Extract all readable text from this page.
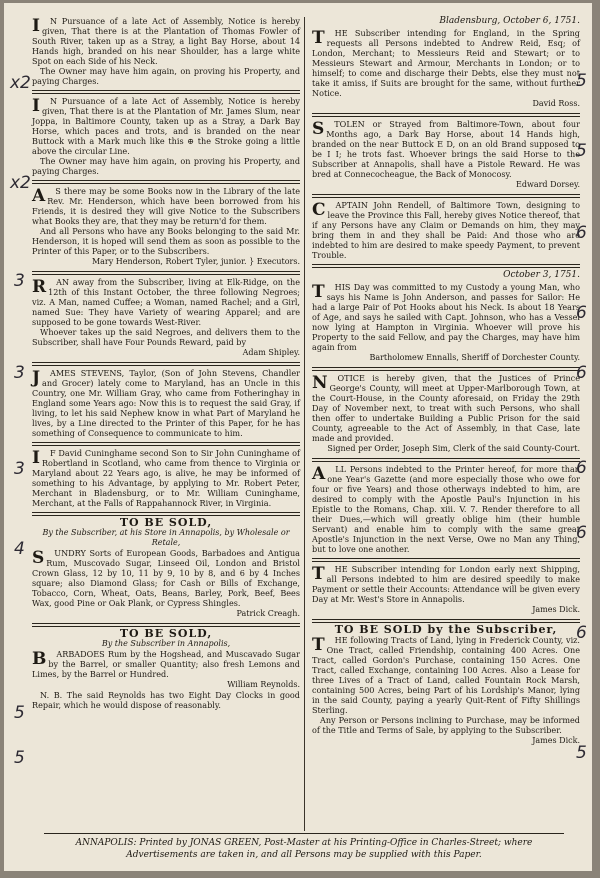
I	N Pursuance of a late Act of Assembly, Notice is hereby given, That there is at the Plantation of Thomas Fowler of South River, taken up as a Stray, a light Bay Horse, about 14 Hands high, branded on his near Shoulder, has a large white Spot on each Side of his Neck.

The Owner may have him again, on proving his Property, and paying Charges.

I	N Pursuance of a late Act of Assembly, Notice is hereby given, That there is at the Plantation of Mr. James Slum, near Joppa, in Baltimore County, taken up as a Stray, a Dark Bay Horse, which paces and trots, and is branded on the near Buttock with a Mark much like this ⊕ the Stroke going a little above the circular Line.

The Owner may have him again, on proving his Property, and paying Charges.

A	S there may be some Books now in the Library of the late Rev. Mr. Henderson, which have been borrowed from his Friends, it is desired they will give Notice to the Subscribers what Books they are, that they may be return'd for them.

And all Persons who have any Books belonging to the said Mr. Henderson, it is hoped will send them as soon as possible to the Printer of this Paper, or to the Subscribers.

Mary Henderson, Robert Tyler, junior. } Executors.
R	AN away from the Subscriber, living at Elk-Ridge, on the 12th of this Instant October, the three following Negroes; viz. A Man, named Cuffee; a Woman, named Rachel; and a Girl, named Sue: They have Variety of wearing Apparel; and are supposed to be gone towards West-River.

Whoever takes up the said Negroes, and delivers them to the Subscriber, shall have Four Pounds Reward, paid by

Adam Shipley.
J	AMES STEVENS, Taylor, (Son of John Stevens, Chandler and Grocer) lately come to Maryland, has an Uncle in this Country, one Mr. William Gray, who came from Fotheringhay in England some Years ago: Now this is to request the said Gray, if living, to let his said Nephew know in what Part of Maryland he lives, by a Line directed to the Printer of this Paper, for he has something of Consequence to communicate to him.

I	F David Cuninghame second Son to Sir John Cuninghame of Robertland in Scotland, who came from thence to Virginia or Maryland about 22 Years ago, is alive, he may be informed of something to his Advantage, by applying to Mr. Robert Peter, Merchant in Bladensburg, or to Mr. William Cuninghame, Merchant, at the Falls of Rappahannock River, in Virginia.

TO BE SOLD,
By the Subscriber, at his Store in Annapolis, by Wholesale or Retale,
S	UNDRY Sorts of European Goods, Barbadoes and Antigua Rum, Muscovado Sugar, Linseed Oil, London and Bristol Crown Glass, 12 by 10, 11 by 9, 10 by 8, and 6 by 4 Inches square; also Diamond Glass; for Cash or Bills of Exchange, Tobacco, Corn, Wheat, Oats, Beans, Barley, Pork, Beef, Bees Wax, good Pine or Oak Plank, or Cypress Shingles.

Patrick Creagh.
TO BE SOLD,
By the Subscriber in Annapolis,
B	ARBADOES Rum by the Hogshead, and Muscavado Sugar by the Barrel, or smaller Quantity; also fresh Lemons and Limes, by the Barrel or Hundred.

William Reynolds.

N. B. The said Reynolds has two Eight Day Clocks in good Repair, which he would dispose of reasonably.

Bladensburg, October 6, 1751.
T	HE Subscriber intending for England, in the Spring requests all Persons indebted to Andrew Reid, Esq; of London, Merchant; to Messieurs Reid and Stewart; or to Messieurs Stewart and Armour, Merchants in London; or to himself; to come and discharge their Debts, else they must not take it amiss, if Suits are brought for the same, without further Notice.

David Ross.
S	TOLEN or Strayed from Baltimore-Town, about four Months ago, a Dark Bay Horse, about 14 Hands high, branded on the near Buttock E D, on an old Brand supposed to be I I; he trots fast. Whoever brings the said Horse to the Subscriber at Annapolis, shall have a Pistole Reward. He was bred at Connecocheague, the Back of Monocosy.

Edward Dorsey.
C	APTAIN John Rendell, of Baltimore Town, designing to leave the Province this Fall, hereby gives Notice thereof, that if any Persons have any Claim or Demands on him, they may bring them in and they shall be Paid: And those who are indebted to him are desired to make speedy Payment, to prevent Trouble.

October 3, 1751.
T	HIS Day was committed to my Custody a young Man, who says his Name is John Anderson, and passes for Sailor: He had a large Pair of Pot Hooks about his Neck. Is about 18 Years of Age, and says he sailed with Capt. Johnson, who has a Vessel now lying at Hampton in Virginia. Whoever will prove his Property to the said Fellow, and pay the Charges, may have him again from

Bartholomew Ennalls, Sheriff of Dorchester County.
N	OTICE is hereby given, that the Justices of Prince George's County, will meet at Upper-Marlborough Town, at the Court-House, in the County aforesaid, on Friday the 29th Day of November next, to treat with such Persons, who shall then offer to undertake Building a Public Prison for the said County, agreeable to the Act of Assembly, in that Case, late made and provided.

Signed per Order, Joseph Sim, Clerk of the said County-Court.
A	LL Persons indebted to the Printer hereof, for more than one Year's Gazette (and more especially those who owe for four or five Years) and those otherways indebted to him, are desired to comply with the Apostle Paul's Injunction in his Epistle to the Romans, Chap. xiii. V. 7. Render therefore to all their Dues,—which will greatly oblige him (their humble Servant) and enable him to comply with the same great Apostle's Injunction in the next Verse, Owe no Man any Thing, but to love one another.

T	HE Subscriber intending for London early next Shipping, all Persons indebted to him are desired speedily to make Payment or settle their Accounts: Attendance will be given every Day at Mr. West's Store in Annapolis.

James Dick.
TO BE SOLD by the Subscriber,
T	HE following Tracts of Land, lying in Frederick County, viz. One Tract, called Friendship, containing 400 Acres. One Tract, called Gordon's Purchase, containing 150 Acres. One Tract, called Exchange, containing 100 Acres. Also a Lease for three Lives of a Tract of Land, called Fountain Rock Marsh, containing 500 Acres, being Part of his Lordship's Manor, lying in the said County, paying a yearly Quit-Rent of Fifty Shillings Sterling.

Any Person or Persons inclining to Purchase, may be informed of the Title and Terms of Sale, by applying to the Subscriber.

James Dick.
ANNAPOLIS: Printed by JONAS GREEN, Post-Master at his Printing-Office in Charles-Street; where Advertisements are taken in, and all Persons may be supplied with this Paper.
x2
x2
3
3
3
4
5
5
5
5
6
6
6
6
6
6
5
